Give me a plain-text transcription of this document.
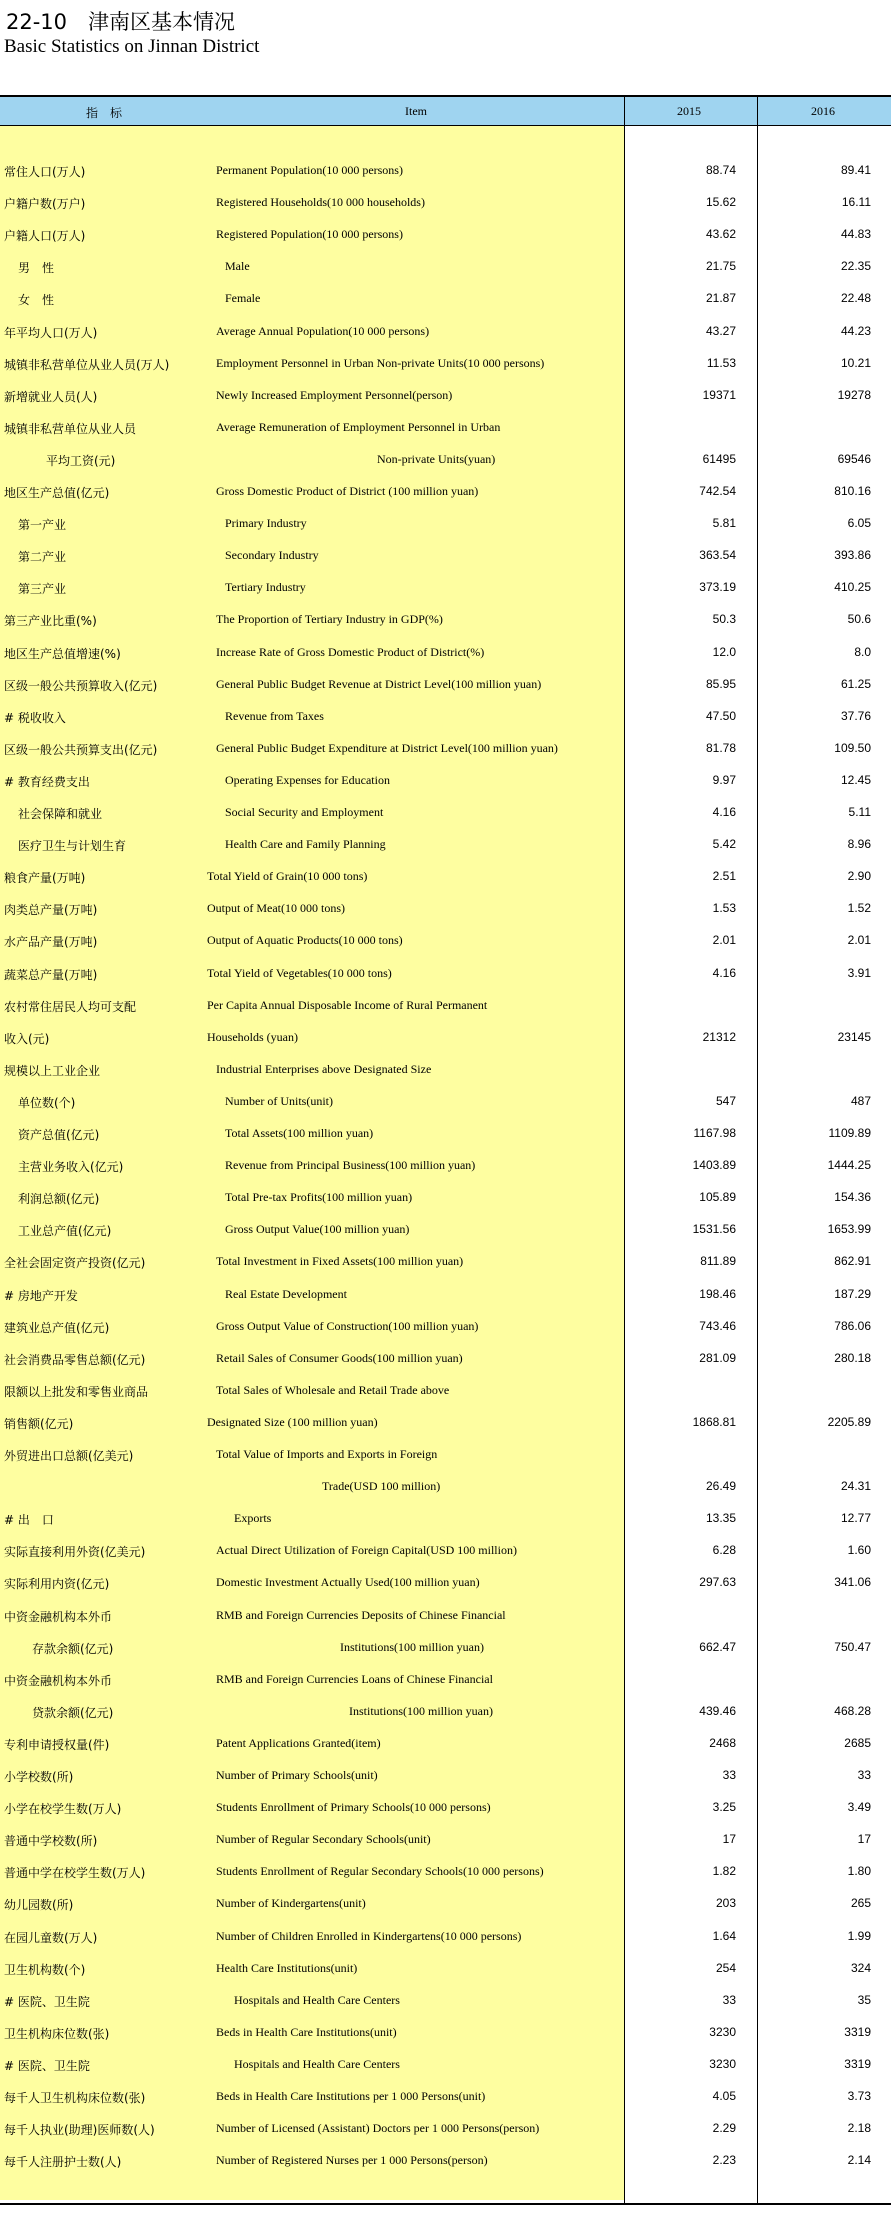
22-10　津南区基本情况
Basic Statistics on Jinnan District
指　标	Item	2015	2016
常住人口(万人)	Permanent Population(10 000 persons)	88.74	89.41
户籍户数(万户)	Registered Households(10 000 households)	15.62	16.11
户籍人口(万人)	Registered Population(10 000 persons)	43.62	44.83
男　性	Male	21.75	22.35
女　性	Female	21.87	22.48
年平均人口(万人)	Average Annual Population(10 000 persons)	43.27	44.23
城镇非私营单位从业人员(万人)	Employment Personnel in Urban Non-private Units(10 000 persons)	11.53	10.21
新增就业人员(人)	Newly Increased Employment Personnel(person)	19371	19278
城镇非私营单位从业人员	Average Remuneration of Employment Personnel in Urban
平均工资(元)	Non-private Units(yuan)	61495	69546
地区生产总值(亿元)	Gross Domestic Product of District (100 million yuan)	742.54	810.16
第一产业	Primary Industry	5.81	6.05
第二产业	Secondary Industry	363.54	393.86
第三产业	Tertiary Industry	373.19	410.25
第三产业比重(%)	The Proportion of Tertiary Industry in GDP(%)	50.3	50.6
地区生产总值增速(%)	Increase Rate of Gross Domestic Product of District(%)	12.0	8.0
区级一般公共预算收入(亿元)	General Public Budget Revenue at District Level(100 million yuan)	85.95	61.25
# 税收收入	Revenue from Taxes	47.50	37.76
区级一般公共预算支出(亿元)	General Public Budget Expenditure at District Level(100 million yuan)	81.78	109.50
# 教育经费支出	Operating Expenses for Education	9.97	12.45
社会保障和就业	Social Security and Employment	4.16	5.11
医疗卫生与计划生育	Health Care and Family Planning	5.42	8.96
粮食产量(万吨)	Total Yield of Grain(10 000 tons)	2.51	2.90
肉类总产量(万吨)	Output of Meat(10 000 tons)	1.53	1.52
水产品产量(万吨)	Output of Aquatic Products(10 000 tons)	2.01	2.01
蔬菜总产量(万吨)	Total Yield of Vegetables(10 000 tons)	4.16	3.91
农村常住居民人均可支配	Per Capita Annual Disposable Income of Rural Permanent
收入(元)	Households (yuan)	21312	23145
规模以上工业企业	Industrial Enterprises above Designated Size
单位数(个)	Number of Units(unit)	547	487
资产总值(亿元)	Total Assets(100 million yuan)	1167.98	1109.89
主营业务收入(亿元)	Revenue from Principal Business(100 million yuan)	1403.89	1444.25
利润总额(亿元)	Total Pre-tax Profits(100 million yuan)	105.89	154.36
工业总产值(亿元)	Gross Output Value(100 million yuan)	1531.56	1653.99
全社会固定资产投资(亿元)	Total Investment in Fixed Assets(100 million yuan)	811.89	862.91
# 房地产开发	Real Estate Development	198.46	187.29
建筑业总产值(亿元)	Gross Output Value of Construction(100 million yuan)	743.46	786.06
社会消费品零售总额(亿元)	Retail Sales of Consumer Goods(100 million yuan)	281.09	280.18
限额以上批发和零售业商品	Total Sales of Wholesale and Retail Trade above
销售额(亿元)	Designated Size (100 million yuan)	1868.81	2205.89
外贸进出口总额(亿美元)	Total Value of Imports and Exports in Foreign
Trade(USD 100 million)	26.49	24.31
# 出　口	Exports	13.35	12.77
实际直接利用外资(亿美元)	Actual Direct Utilization of Foreign Capital(USD 100 million)	6.28	1.60
实际利用内资(亿元)	Domestic Investment Actually Used(100 million yuan)	297.63	341.06
中资金融机构本外币	RMB and Foreign Currencies Deposits of Chinese Financial
存款余额(亿元)	Institutions(100 million yuan)	662.47	750.47
中资金融机构本外币	RMB and Foreign Currencies Loans of Chinese Financial
贷款余额(亿元)	Institutions(100 million yuan)	439.46	468.28
专利申请授权量(件)	Patent Applications Granted(item)	2468	2685
小学校数(所)	Number of Primary Schools(unit)	33	33
小学在校学生数(万人)	Students Enrollment of Primary Schools(10 000 persons)	3.25	3.49
普通中学校数(所)	Number of Regular Secondary Schools(unit)	17	17
普通中学在校学生数(万人)	Students Enrollment of Regular Secondary Schools(10 000 persons)	1.82	1.80
幼儿园数(所)	Number of Kindergartens(unit)	203	265
在园儿童数(万人)	Number of Children Enrolled in Kindergartens(10 000 persons)	1.64	1.99
卫生机构数(个)	Health Care Institutions(unit)	254	324
# 医院、卫生院	Hospitals and Health Care Centers	33	35
卫生机构床位数(张)	Beds in Health Care Institutions(unit)	3230	3319
# 医院、卫生院	Hospitals and Health Care Centers	3230	3319
每千人卫生机构床位数(张)	Beds in Health Care Institutions per 1 000 Persons(unit)	4.05	3.73
每千人执业(助理)医师数(人)	Number of Licensed (Assistant) Doctors per 1 000 Persons(person)	2.29	2.18
每千人注册护士数(人)	Number of Registered Nurses per 1 000 Persons(person)	2.23	2.14
